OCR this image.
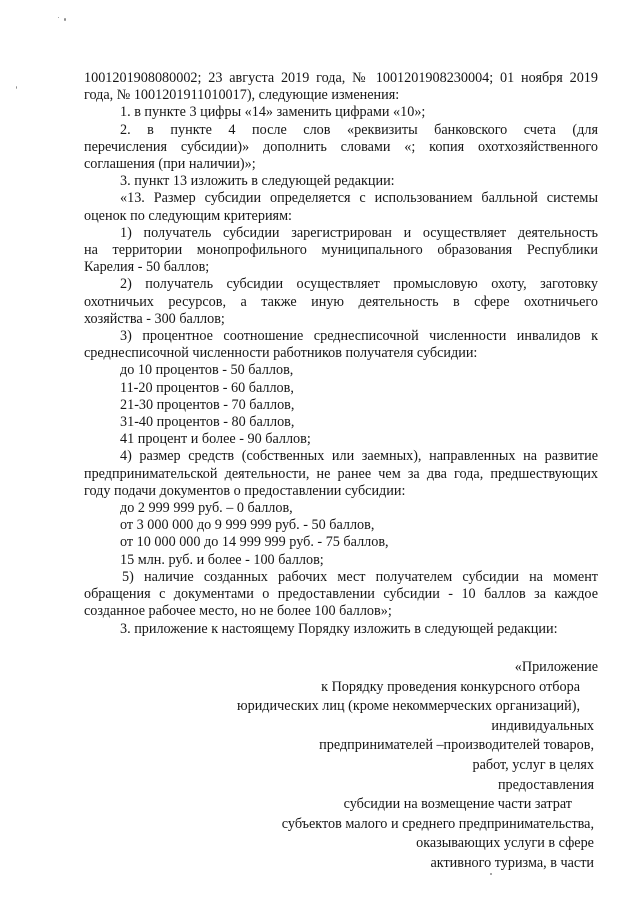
1001201908080002; 23 августа 2019 года, № 1001201908230004; 01 ноября 2019
года, № 1001201911010017), следующие изменения:
1. в пункте 3 цифры «14» заменить цифрами «10»;
2. в пункте 4 после слов «реквизиты банковского счета (для
перечисления субсидии)» дополнить словами «; копия охотхозяйственного
соглашения (при наличии)»;
3. пункт 13 изложить в следующей редакции:
«13. Размер субсидии определяется с использованием балльной системы
оценок по следующим критериям:
1) получатель субсидии зарегистрирован и осуществляет деятельность
на территории монопрофильного муниципального образования Республики
Карелия - 50 баллов;
2) получатель субсидии осуществляет промысловую охоту, заготовку
охотничьих ресурсов, а также иную деятельность в сфере охотничьего
хозяйства - 300 баллов;
3) процентное соотношение среднесписочной численности инвалидов к
среднесписочной численности работников получателя субсидии:
до 10 процентов - 50 баллов,
11-20 процентов - 60 баллов,
21-30 процентов - 70 баллов,
31-40 процентов - 80 баллов,
41 процент и более - 90 баллов;
4) размер средств (собственных или заемных), направленных на развитие
предпринимательской деятельности, не ранее чем за два года, предшествующих
году подачи документов о предоставлении субсидии:
до 2 999 999 руб. – 0 баллов,
от 3 000 000 до 9 999 999 руб. - 50 баллов,
от 10 000 000 до 14 999 999 руб. - 75 баллов,
15 млн. руб. и более - 100 баллов;
5) наличие созданных рабочих мест получателем субсидии на момент
обращения с документами о предоставлении субсидии - 10 баллов за каждое
созданное рабочее место, но не более 100 баллов»;
3. приложение к настоящему Порядку изложить в следующей редакции:
«Приложение
к Порядку проведения конкурсного отбора
юридических лиц (кроме некоммерческих организаций),
индивидуальных
предпринимателей –производителей товаров,
работ, услуг в целях
предоставления
субсидии на возмещение части затрат
субъектов малого и среднего предпринимательства,
оказывающих услуги в сфере
активного туризма, в части
